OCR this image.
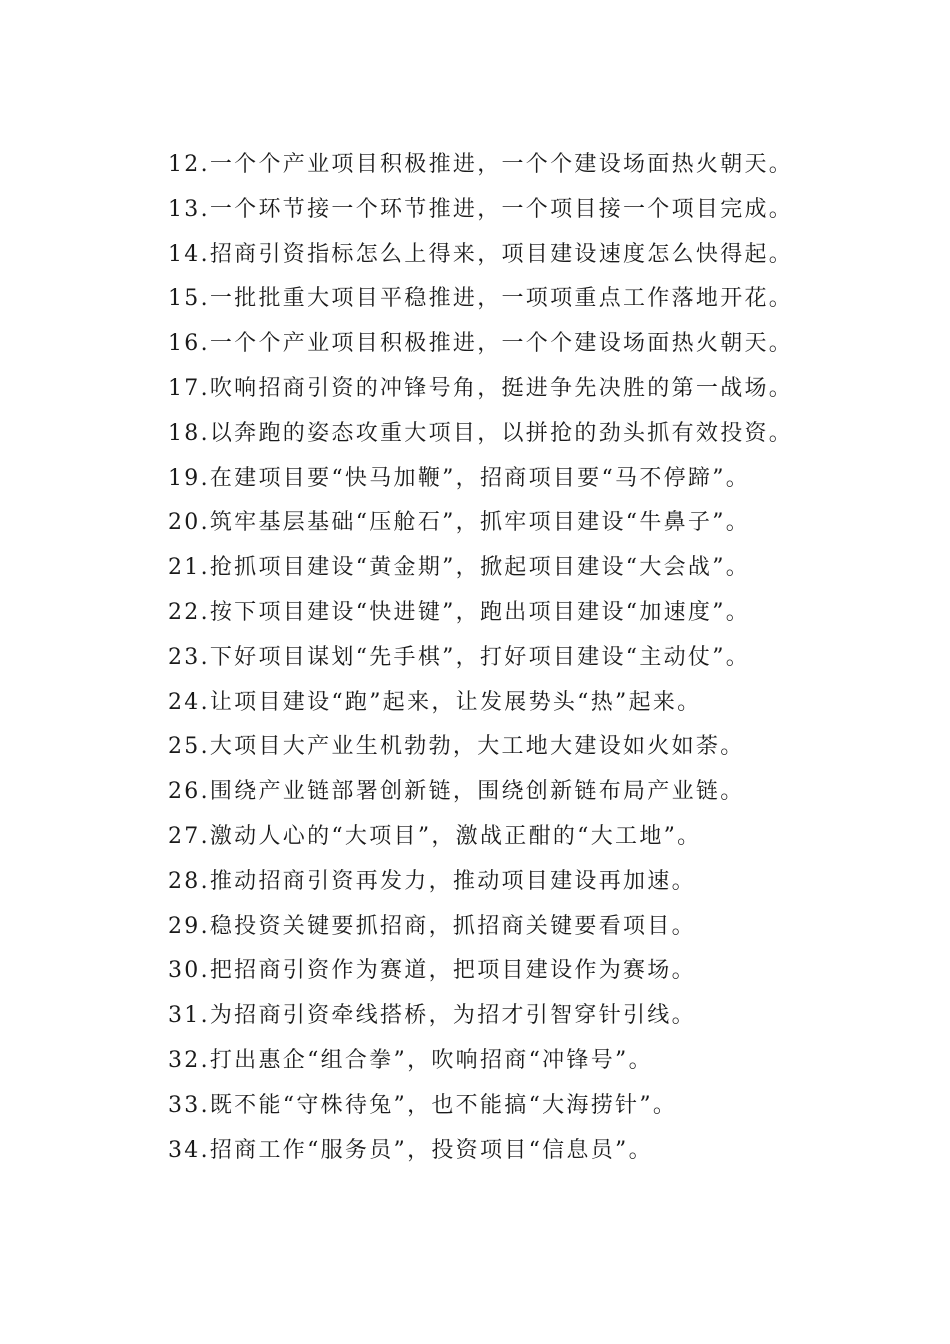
12.一个个产业项目积极推进，一个个建设场面热火朝天。
13.一个环节接一个环节推进，一个项目接一个项目完成。
14.招商引资指标怎么上得来，项目建设速度怎么快得起。
15.一批批重大项目平稳推进，一项项重点工作落地开花。
16.一个个产业项目积极推进，一个个建设场面热火朝天。
17.吹响招商引资的冲锋号角，挺进争先决胜的第一战场。
18.以奔跑的姿态攻重大项目，以拼抢的劲头抓有效投资。
19.在建项目要“快马加鞭”，招商项目要“马不停蹄”。
20.筑牢基层基础“压舱石”，抓牢项目建设“牛鼻子”。
21.抢抓项目建设“黄金期”，掀起项目建设“大会战”。
22.按下项目建设“快进键”，跑出项目建设“加速度”。
23.下好项目谋划“先手棋”，打好项目建设“主动仗”。
24.让项目建设“跑”起来，让发展势头“热”起来。
25.大项目大产业生机勃勃，大工地大建设如火如荼。
26.围绕产业链部署创新链，围绕创新链布局产业链。
27.激动人心的“大项目”，激战正酣的“大工地”。
28.推动招商引资再发力，推动项目建设再加速。
29.稳投资关键要抓招商，抓招商关键要看项目。
30.把招商引资作为赛道，把项目建设作为赛场。
31.为招商引资牵线搭桥，为招才引智穿针引线。
32.打出惠企“组合拳”，吹响招商“冲锋号”。
33.既不能“守株待兔”，也不能搞“大海捞针”。
34.招商工作“服务员”，投资项目“信息员”。
